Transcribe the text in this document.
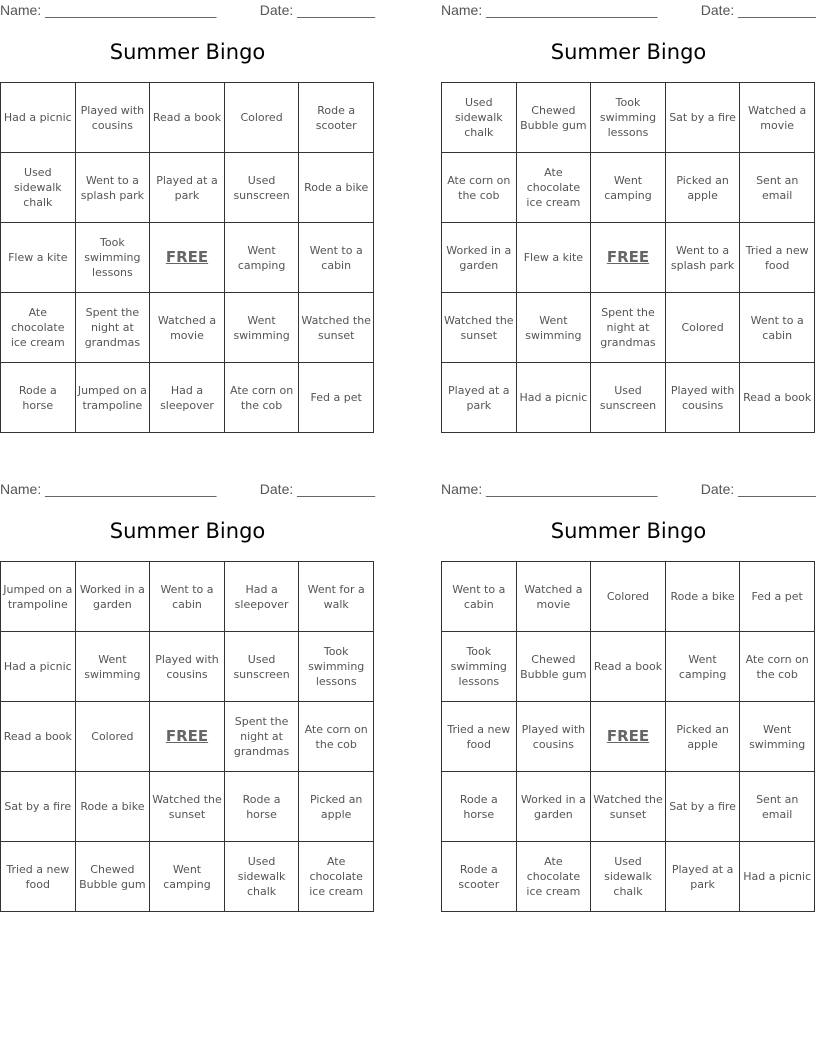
Name: ______________________	Date: __________
Summer Bingo
Had a picnic	Played with cousins	Read a book	Colored	Rode a scooter
Used sidewalk chalk	Went to a splash park	Played at a park	Used sunscreen	Rode a bike
Flew a kite	Took swimming lessons	FREE	Went camping	Went to a cabin
Ate chocolate ice cream	Spent the night at grandmas	Watched a movie	Went swimming	Watched the sunset
Rode a horse	Jumped on a trampoline	Had a sleepover	Ate corn on the cob	Fed a pet
Name: ______________________	Date: __________
Summer Bingo
Used sidewalk chalk	Chewed Bubble gum	Took swimming lessons	Sat by a fire	Watched a movie
Ate corn on the cob	Ate chocolate ice cream	Went camping	Picked an apple	Sent an email
Worked in a garden	Flew a kite	FREE	Went to a splash park	Tried a new food
Watched the sunset	Went swimming	Spent the night at grandmas	Colored	Went to a cabin
Played at a park	Had a picnic	Used sunscreen	Played with cousins	Read a book
Name: ______________________	Date: __________
Summer Bingo
Jumped on a trampoline	Worked in a garden	Went to a cabin	Had a sleepover	Went for a walk
Had a picnic	Went swimming	Played with cousins	Used sunscreen	Took swimming lessons
Read a book	Colored	FREE	Spent the night at grandmas	Ate corn on the cob
Sat by a fire	Rode a bike	Watched the sunset	Rode a horse	Picked an apple
Tried a new food	Chewed Bubble gum	Went camping	Used sidewalk chalk	Ate chocolate ice cream
Name: ______________________	Date: __________
Summer Bingo
Went to a cabin	Watched a movie	Colored	Rode a bike	Fed a pet
Took swimming lessons	Chewed Bubble gum	Read a book	Went camping	Ate corn on the cob
Tried a new food	Played with cousins	FREE	Picked an apple	Went swimming
Rode a horse	Worked in a garden	Watched the sunset	Sat by a fire	Sent an email
Rode a scooter	Ate chocolate ice cream	Used sidewalk chalk	Played at a park	Had a picnic
